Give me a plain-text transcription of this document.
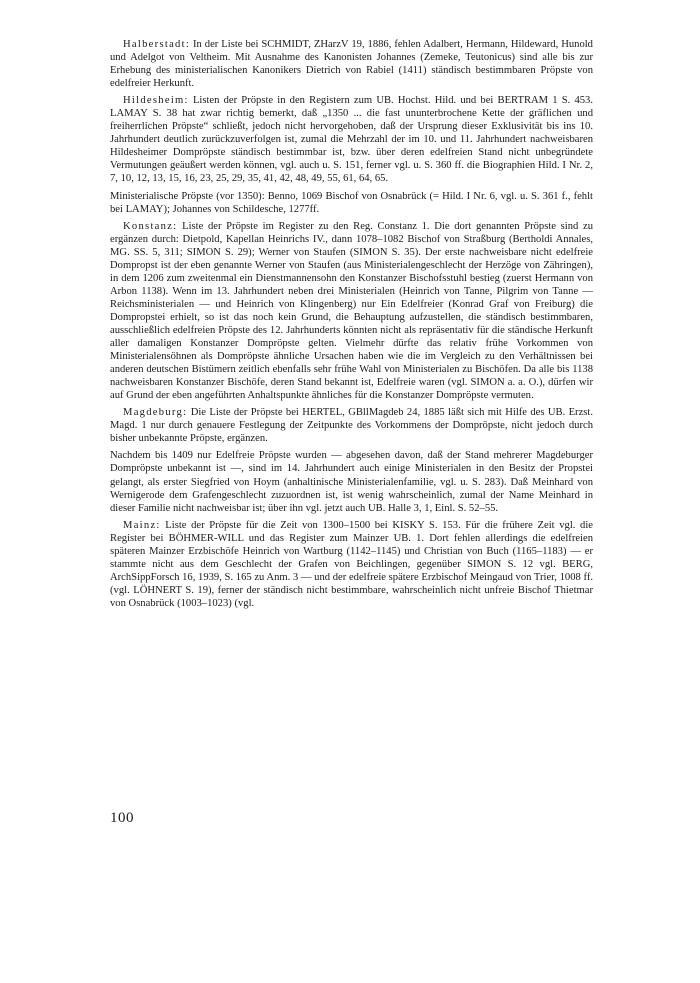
Halberstadt: In der Liste bei SCHMIDT, ZHarzV 19, 1886, fehlen Adalbert, Hermann, Hildeward, Hunold und Adelgot von Veltheim. Mit Ausnahme des Kanonisten Johannes (Zemeke, Teutonicus) sind alle bis zur Erhebung des ministerialischen Kanonikers Dietrich von Rabiel (1411) ständisch bestimmbaren Pröpste von edelfreier Herkunft.

Hildesheim: Listen der Pröpste in den Registern zum UB. Hochst. Hild. und bei BERTRAM 1 S. 453. LAMAY S. 38 hat zwar richtig bemerkt, daß „1350 ... die fast ununterbrochene Kette der gräflichen und freiherrlichen Pröpste“ schließt, jedoch nicht hervorgehoben, daß der Ursprung dieser Exklusivität bis ins 10. Jahrhundert deutlich zurückzuverfolgen ist, zumal die Mehrzahl der im 10. und 11. Jahrhundert nachweisbaren Hildesheimer Dompröpste ständisch bestimmbar ist, bzw. über deren edelfreien Stand nicht unbegründete Vermutungen geäußert werden können, vgl. auch u. S. 151, ferner vgl. u. S. 360 ff. die Biographien Hild. I Nr. 2, 7, 10, 12, 13, 15, 16, 23, 25, 29, 35, 41, 42, 48, 49, 55, 61, 64, 65.

Ministerialische Pröpste (vor 1350): Benno, 1069 Bischof von Osnabrück (= Hild. I Nr. 6, vgl. u. S. 361 f., fehlt bei LAMAY); Johannes von Schildesche, 1277ff.

Konstanz: Liste der Pröpste im Register zu den Reg. Constanz 1. Die dort genannten Pröpste sind zu ergänzen durch: Dietpold, Kapellan Heinrichs IV., dann 1078–1082 Bischof von Straßburg (Bertholdi Annales, MG. SS. 5, 311; SIMON S. 29); Werner von Staufen (SIMON S. 35). Der erste nachweisbare nicht edelfreie Dompropst ist der eben genannte Werner von Staufen (aus Ministerialengeschlecht der Herzöge von Zähringen), in dem 1206 zum zweitenmal ein Dienstmannensohn den Konstanzer Bischofsstuhl bestieg (zuerst Hermann von Arbon 1138). Wenn im 13. Jahrhundert neben drei Ministerialen (Heinrich von Tanne, Pilgrim von Tanne — Reichsministerialen — und Heinrich von Klingenberg) nur Ein Edelfreier (Konrad Graf von Freiburg) die Dompropstei erhielt, so ist das noch kein Grund, die Behauptung aufzustellen, die ständisch bestimmbaren, ausschließlich edelfreien Pröpste des 12. Jahrhunderts könnten nicht als repräsentativ für die ständische Herkunft aller damaligen Konstanzer Dompröpste gelten. Vielmehr dürfte das relativ frühe Vorkommen von Ministerialensöhnen als Dompröpste ähnliche Ursachen haben wie die im Vergleich zu den Verhältnissen bei anderen deutschen Bistümern zeitlich ebenfalls sehr frühe Wahl von Ministerialen zu Bischöfen. Da alle bis 1138 nachweisbaren Konstanzer Bischöfe, deren Stand bekannt ist, Edelfreie waren (vgl. SIMON a. a. O.), dürfen wir auf Grund der eben angeführten Anhaltspunkte ähnliches für die Konstanzer Dompröpste vermuten.

Magdeburg: Die Liste der Pröpste bei HERTEL, GBllMagdeb 24, 1885 läßt sich mit Hilfe des UB. Erzst. Magd. 1 nur durch genauere Festlegung der Zeitpunkte des Vorkommens der Dompröpste, nicht jedoch durch bisher unbekannte Pröpste, ergänzen.

Nachdem bis 1409 nur Edelfreie Pröpste wurden — abgesehen davon, daß der Stand mehrerer Magdeburger Dompröpste unbekannt ist —, sind im 14. Jahrhundert auch einige Ministerialen in den Besitz der Propstei gelangt, als erster Siegfried von Hoym (anhaltinische Ministerialenfamilie, vgl. u. S. 283). Daß Meinhard von Wernigerode dem Grafengeschlecht zuzuordnen ist, ist wenig wahrscheinlich, zumal der Name Meinhard in dieser Familie nicht nachweisbar ist; über ihn vgl. jetzt auch UB. Halle 3, 1, Einl. S. 52–55.

Mainz: Liste der Pröpste für die Zeit von 1300–1500 bei KISKY S. 153. Für die frühere Zeit vgl. die Register bei BÖHMER-WILL und das Register zum Mainzer UB. 1. Dort fehlen allerdings die edelfreien späteren Mainzer Erzbischöfe Heinrich von Wartburg (1142–1145) und Christian von Buch (1165–1183) — er stammte nicht aus dem Geschlecht der Grafen von Beichlingen, gegenüber SIMON S. 12 vgl. BERG, ArchSippForsch 16, 1939, S. 165 zu Anm. 3 — und der edelfreie spätere Erzbischof Meingaud von Trier, 1008 ff. (vgl. LÖHNERT S. 19), ferner der ständisch nicht bestimmbare, wahrscheinlich nicht unfreie Bischof Thietmar von Osnabrück (1003–1023) (vgl.

100
